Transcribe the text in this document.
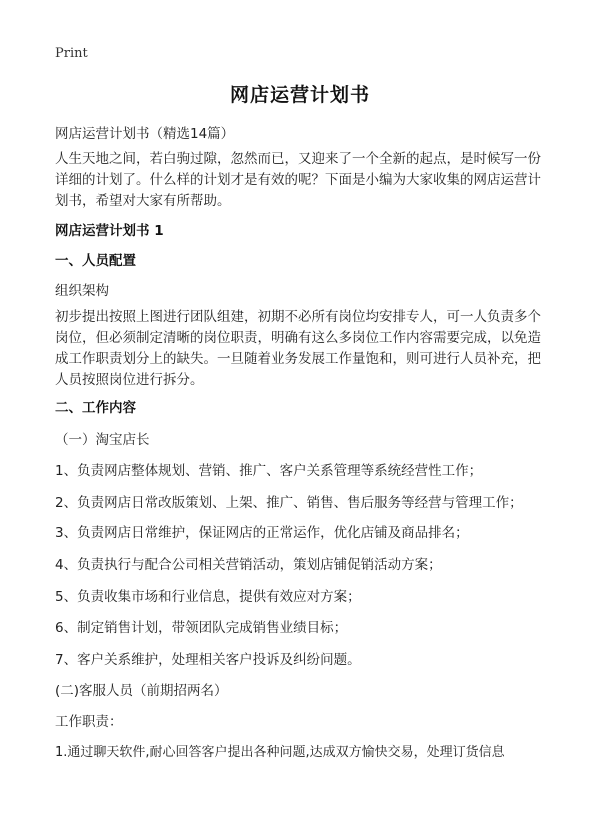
Print
网店运营计划书
网店运营计划书（精选14篇）
人生天地之间，若白驹过隙，忽然而已，又迎来了一个全新的起点，是时候写一份
详细的计划了。什么样的计划才是有效的呢？下面是小编为大家收集的网店运营计
划书，希望对大家有所帮助。
网店运营计划书 1
一、人员配置
组织架构
初步提出按照上图进行团队组建，初期不必所有岗位均安排专人，可一人负责多个
岗位，但必须制定清晰的岗位职责，明确有这么多岗位工作内容需要完成，以免造
成工作职责划分上的缺失。一旦随着业务发展工作量饱和，则可进行人员补充，把
人员按照岗位进行拆分。
二、工作内容
（一）淘宝店长
1、负责网店整体规划、营销、推广、客户关系管理等系统经营性工作；
2、负责网店日常改版策划、上架、推广、销售、售后服务等经营与管理工作；
3、负责网店日常维护，保证网店的正常运作，优化店铺及商品排名；
4、负责执行与配合公司相关营销活动，策划店铺促销活动方案；
5、负责收集市场和行业信息，提供有效应对方案；
6、制定销售计划，带领团队完成销售业绩目标；
7、客户关系维护，处理相关客户投诉及纠纷问题。
(二)客服人员（前期招两名）
工作职责：
1.通过聊天软件,耐心回答客户提出各种问题,达成双方愉快交易，处理订货信息
